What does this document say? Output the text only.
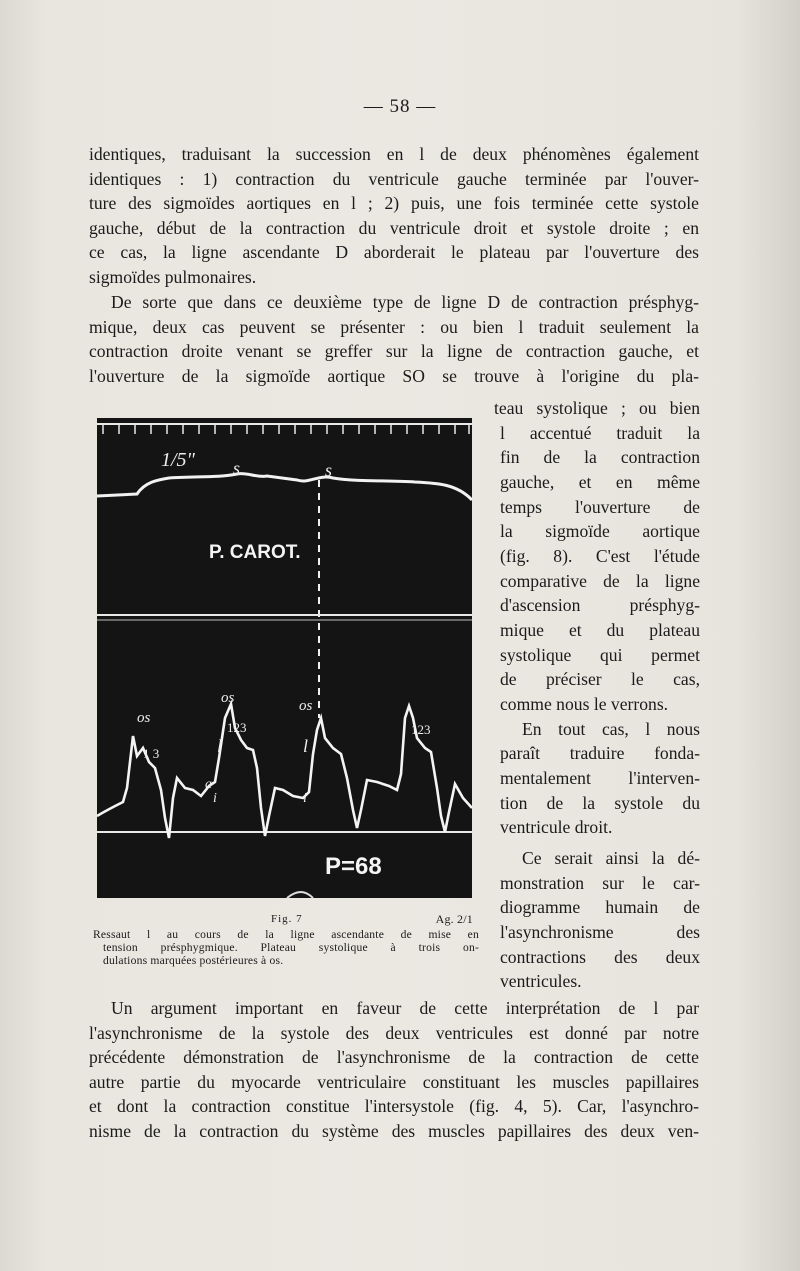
— 58 —
identiques, traduisant la succession en l de deux phénomènes également
identiques : 1) contraction du ventricule gauche terminée par l'ouver-
ture des sigmoïdes aortiques en l ; 2) puis, une fois terminée cette systole
gauche, début de la contraction du ventricule droit et systole droite ; en
ce cas, la ligne ascendante D aborderait le plateau par l'ouverture des
sigmoïdes pulmonaires.
De sorte que dans ce deuxième type de ligne D de contraction présphyg-
mique, deux cas peuvent se présenter : ou bien l traduit seulement la
contraction droite venant se greffer sur la ligne de contraction gauche, et
l'ouverture de la sigmoïde aortique SO se trouve à l'origine du pla-
teau systolique ; ou bien
l accentué traduit la
fin de la contraction
gauche, et en même
temps l'ouverture de
la sigmoïde aortique
(fig. 8). C'est l'étude
comparative de la ligne
d'ascension présphyg-
mique et du plateau
systolique qui permet
de préciser le cas,
comme nous le verrons.
En tout cas, l nous
paraît traduire fonda-
mentalement l'interven-
tion de la systole du
ventricule droit.
Ce serait ainsi la dé-
monstration sur le car-
diogramme humain de
l'asynchronisme des
contractions des deux
ventricules.
1/5" s	s
P. CAROT.
os
os	os
1 3
123	123
l	l
a
i	i
P=68
Fig. 7	Ag. 2/1
Ressaut l au cours de la ligne ascendante de mise en
tension présphygmique. Plateau systolique à trois on-
dulations marquées postérieures à os.
Un argument important en faveur de cette interprétation de l par
l'asynchronisme de la systole des deux ventricules est donné par notre
précédente démonstration de l'asynchronisme de la contraction de cette
autre partie du myocarde ventriculaire constituant les muscles papillaires
et dont la contraction constitue l'intersystole (fig. 4, 5). Car, l'asynchro-
nisme de la contraction du système des muscles papillaires des deux ven-
